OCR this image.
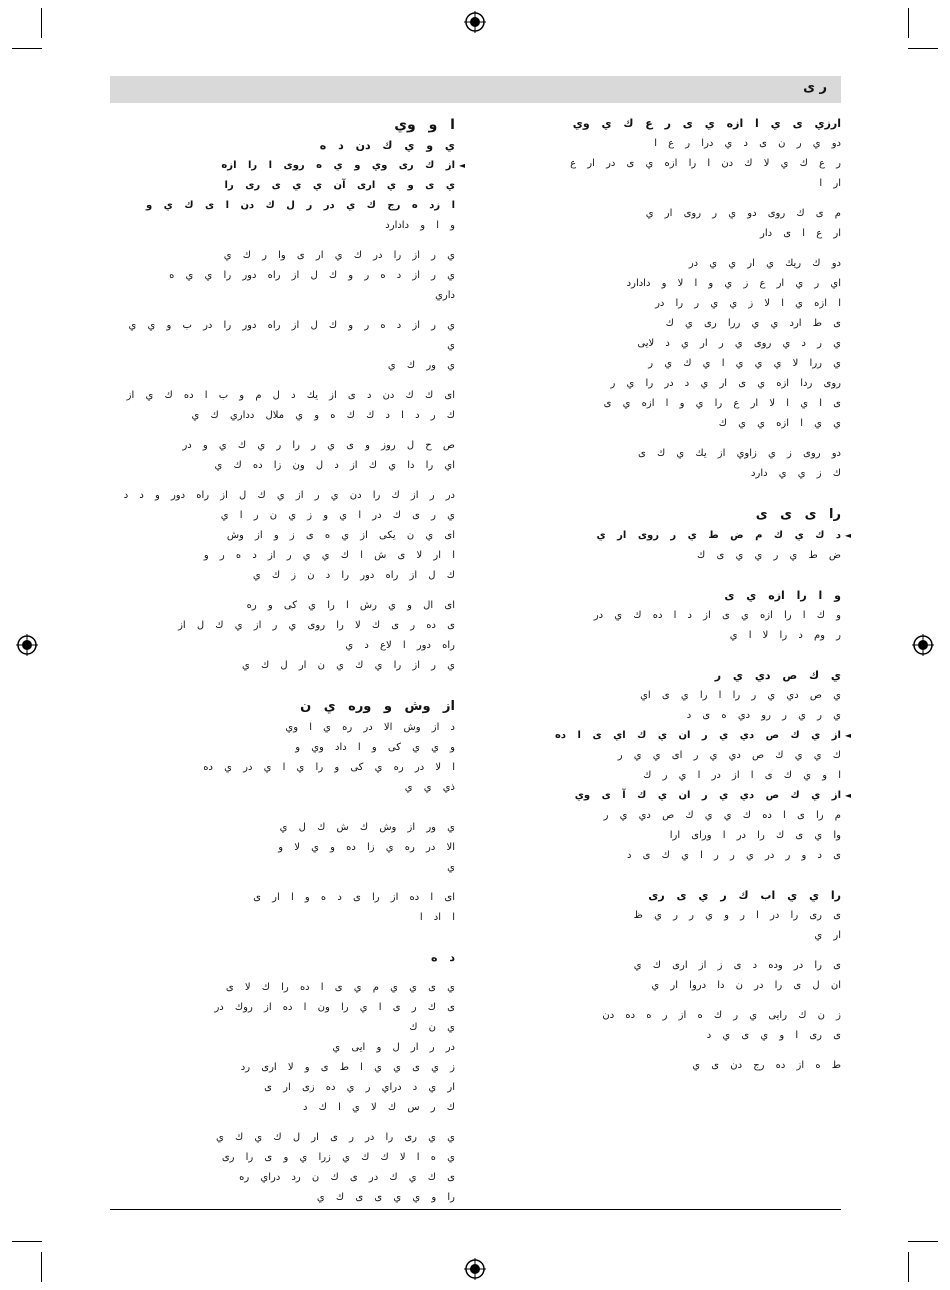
ر ى
ارزي ى ي ا ازه ي ى ر ع ك ي وي
دو ي ر ن ى د ي درا ر ع ا
ر ع ك ي لا ك دن ا را ازه ي ى در ار ع
ار ا
م ى ك روى دو ي ر روى ار ي
ار ع ا ى دار
دو ك ريك ي ار ي ي در
اي ر ي ار ع ز ي و ا لا و دادارد
ا ازه ي ا لا ز ي ي ر را در
ى ط ارد ي ي ررا رى ي ك
ي ر د ي روى ي ر ار ي د لايى
ي ررا لا ي ي ي ا ي ك ي ر
روى ردا ازه ي ى ار ي د در را ي ر
ى ا ي ا لا ار ع را ي و ا ازه ي ى
ي ي ا ازه ي ي ك
دو روى ز ي زاوي از يك ي ك ى
ك ز ي ي دارد
را ى ى ى
◄
د ك ي ك م ض ط ي ر روى ار ي
ض ط ي ر ي ي ى ك
و ا را ازه ي ى
و ك ا را ازه ي ى از د ا ده ك ي در
ر وم د را لا ا ي
ي ك ص دي ي ر
ي ص دي ي ر را ا را ي ى اي
ي ر ي ر رو دي ه ى د
◄
از ي ك ص دي ي ر ان ي ك اي ى ا ده
ك ي ي ك ص دي ي ر اى ي ي ر
ا و ي ك ى ا از در ا ي ر ك
◄
از ي ك ص دي ي ر ان ي ك آ ى وي
م را ى ا ده ك ي ي ك ص دي ي ر
وا ي ى ك را در ا وراى ارا
ى د و ر در ي ر ر ا ي ك ى د
را ي ي اب ك ر ي ى رى
ى رى را در ا ر و ي ر ر ي ظ
ار ي
ى را در وده د ى ز از ارى ك ي
ان ل ى را در ن دا دروا ار ي
ز ن ك رايى ي ر ك ه از ر ه ده دن
ى رى ا و ي ى ي د
ط ه از ده رج دن ى ي
ا و وي
ي و ي ك دن د ه
◄
از ك رى وي و ي ه روى ا را ازه
ي ى و ي ارى آن ي ي ى رى را
ا زد ه رج ك ي در ر ل ك دن ا ى ك ي و
و ا و دادارد
ي ر از را در ك ي ار ى وا ر ك ي
ي ر از د ه ر و ك ل از راه دور را ي ي ه
داري
ي ر از د ه ر و ك ل از راه دور را در ب و ي ي ي
ي ور ك ي
اى ك ك دن د ى از يك د ل م و ب ا ده ك ي از
ك ر د ا د ك ك ه و ي ملال دداري ك ي
ص ح ل روز و ى ي ر را ر ي ك ي و در
اي را دا ي ك از د ل ون زا ده ك ي
در ر از ك را دن ي ر از ي ك ل از راه دور و د د
ي ر ى ك در ا ي و ز ي ن ر ا ي
اى ي ن يكى از ي ه ى ز و از وش
ا ار لا ى ش ا ك ي ي ر از د ه ر و
ك ل از راه دور را د ن ز ك ي
اى ال و ي رش ا را ي كى و ره
ى ده ر ى ك لا را روى ي ر از ي ك ل از
راه دور ا لاع د ي
ي ر از را ي ك ي ن ار ل ك ي
از وش و وره ي ن
د از وش الا در ره ي ا وي
و ي ي كى و ا داد وي و
ا لا در ره ي كى و را ي ا ي در ي ده
ذي ي ي
ي ور از وش ك ش ك ل ي
الا در ره ي زا ده و ي لا و
ي
اى ا ده از را ى د ه و ا ار ى
ا اد ا
د ه
ي ى ي ي م ي ى ا ده را ك لا ى
ى ك ر ى ا ي را ون ا ده از روك در
ي ن ك
در ر ار ل و ايى ي
ز ي ى ي ي ا ط ى و لا ارى رد
ار ي د دراي ر ي ده زى ار ى
ك ر س ك لا ي ا ك د
ي ي رى را در ر ى ار ل ك ي ك ي
ي ه ا لا ك ك ي زرا ي و ى را رى
ى ك ي ك در ى ك ن رد دراي ره
را و ي ي ى ى ك ي
